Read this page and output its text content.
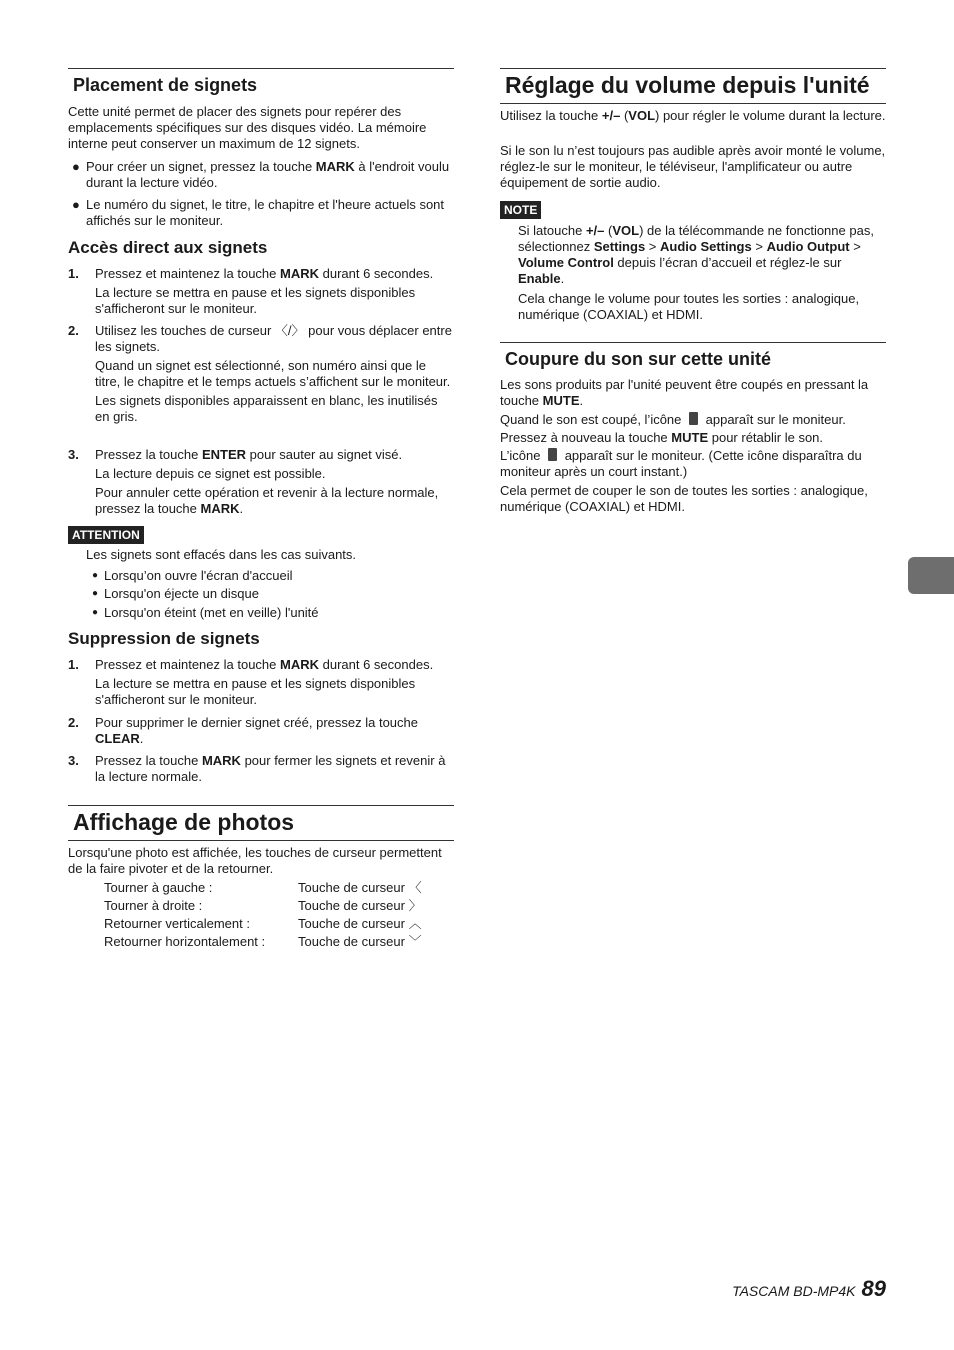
Placement de signets
Cette unité permet de placer des signets pour repérer des emplacements spécifiques sur des disques vidéo. La mémoire interne peut conserver un maximum de 12 signets.
● Pour créer un signet, pressez la touche MARK à l'endroit voulu durant la lecture vidéo.
● Le numéro du signet, le titre, le chapitre et l'heure actuels sont affichés sur le moniteur.
Accès direct aux signets
1. Pressez et maintenez la touche MARK durant 6 secondes.
La lecture se mettra en pause et les signets disponibles s'afficheront sur le moniteur.
2. Utilisez les touches de curseur 〈/〉 pour vous déplacer entre les signets.
Quand un signet est sélectionné, son numéro ainsi que le titre, le chapitre et le temps actuels s’affichent sur le moniteur.
Les signets disponibles apparaissent en blanc, les inutilisés en gris.
3. Pressez la touche ENTER pour sauter au signet visé.
La lecture depuis ce signet est possible.
Pour annuler cette opération et revenir à la lecture normale, pressez la touche MARK.
ATTENTION
Les signets sont effacés dans les cas suivants.
● Lorsqu’on ouvre l'écran d'accueil
● Lorsqu'on éjecte un disque
● Lorsqu'on éteint (met en veille) l'unité
Suppression de signets
1. Pressez et maintenez la touche MARK durant 6 secondes.
La lecture se mettra en pause et les signets disponibles s'afficheront sur le moniteur.
2. Pour supprimer le dernier signet créé, pressez la touche CLEAR.
3. Pressez la touche MARK pour fermer les signets et revenir à la lecture normale.
Affichage de photos
Lorsqu'une photo est affichée, les touches de curseur permettent de la faire pivoter et de la retourner.
Tourner à gauche :	Touche de curseur 〈
Tourner à droite :	Touche de curseur 〉
Retourner verticalement :	Touche de curseur ︿
Retourner horizontalement :	Touche de curseur ﹀
Réglage du volume depuis l'unité
Utilisez la touche +/– (VOL) pour régler le volume durant la lecture.
Si le son lu n’est toujours pas audible après avoir monté le volume, réglez-le sur le moniteur, le téléviseur, l'amplificateur ou autre équipement de sortie audio.
NOTE
Si latouche +/– (VOL) de la télécommande ne fonctionne pas, sélectionnez Settings > Audio Settings > Audio Output > Volume Control depuis l’écran d’accueil et réglez-le sur Enable.
Cela change le volume pour toutes les sorties : analogique, numérique (COAXIAL) et HDMI.
Coupure du son sur cette unité
Les sons produits par l'unité peuvent être coupés en pressant la touche MUTE.
Quand le son est coupé, l’icône  apparaît sur le moniteur.
Pressez à nouveau la touche MUTE pour rétablir le son.
L’icône  apparaît sur le moniteur. (Cette icône disparaîtra du moniteur après un court instant.)
Cela permet de couper le son de toutes les sorties : analogique, numérique (COAXIAL) et HDMI.
TASCAM BD-MP4K 89
